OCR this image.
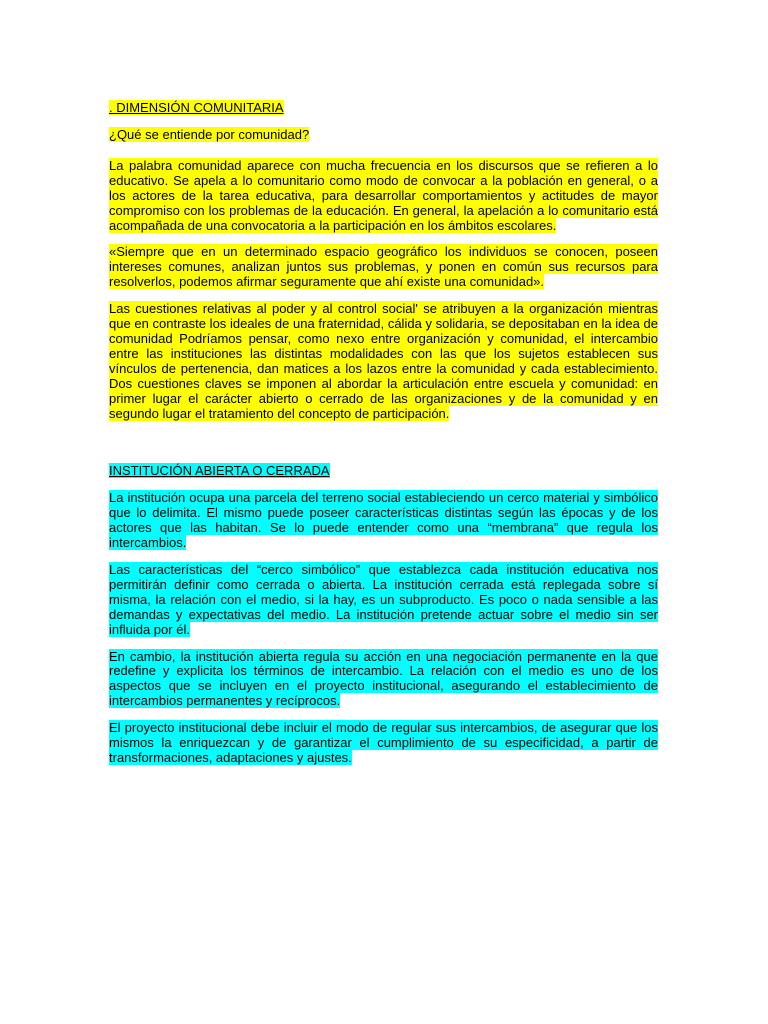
. DIMENSIÓN COMUNITARIA

¿Qué se entiende por comunidad?

La palabra comunidad aparece con mucha frecuencia en los discursos que se refieren a lo educativo. Se apela a lo comunitario como modo de convocar a la población en general, o a los actores de la tarea educativa, para desarrollar comportamientos y actitudes de mayor compromiso con los problemas de la educación. En general, la apelación a lo comunitario está acompañada de una convocatoria a la participación en los ámbitos escolares.

«Siempre que en un determinado espacio geográfico los individuos se conocen, poseen intereses comunes, analizan juntos sus problemas, y ponen en común sus recursos para resolverlos, podemos afirmar seguramente que ahí existe una comunidad».

Las cuestiones relativas al poder y al control social' se atribuyen a la organización mientras que en contraste los ideales de una fraternidad, cálida y solidaria, se depositaban en la idea de comunidad Podríamos pensar, como nexo entre organización y comunidad, el intercambio entre las instituciones las distintas modalidades con las que los sujetos establecen sus vínculos de pertenencia, dan matices a los lazos entre la comunidad y cada establecimiento. Dos cuestiones claves se imponen al abordar la articulación entre escuela y comunidad: en primer lugar el carácter abierto o cerrado de las organizaciones y de la comunidad y en segundo lugar el tratamiento del concepto de participación.

INSTITUCIÓN ABIERTA O CERRADA

La institución ocupa una parcela del terreno social estableciendo un cerco material y simbólico que lo delimita. El mismo puede poseer características distintas según las épocas y de los actores que las habitan. Se lo puede entender como una “membrana” que regula los intercambios.

Las características del “cerco simbólico” que establezca cada institución educativa nos permitirán definir como cerrada o abierta. La institución cerrada está replegada sobre sí misma, la relación con el medio, si la hay, es un subproducto. Es poco o nada sensible a las demandas y expectativas del medio. La institución pretende actuar sobre el medio sin ser influida por él.

En cambio, la institución abierta regula su acción en una negociación permanente en la que redefine y explicita los términos de intercambio. La relación con el medio es uno de los aspectos que se incluyen en el proyecto institucional, asegurando el establecimiento de intercambios permanentes y recíprocos.

El proyecto institucional debe incluir el modo de regular sus intercambios, de asegurar que los mismos la enriquezcan y de garantizar el cumplimiento de su especificidad, a partir de transformaciones, adaptaciones y ajustes.
